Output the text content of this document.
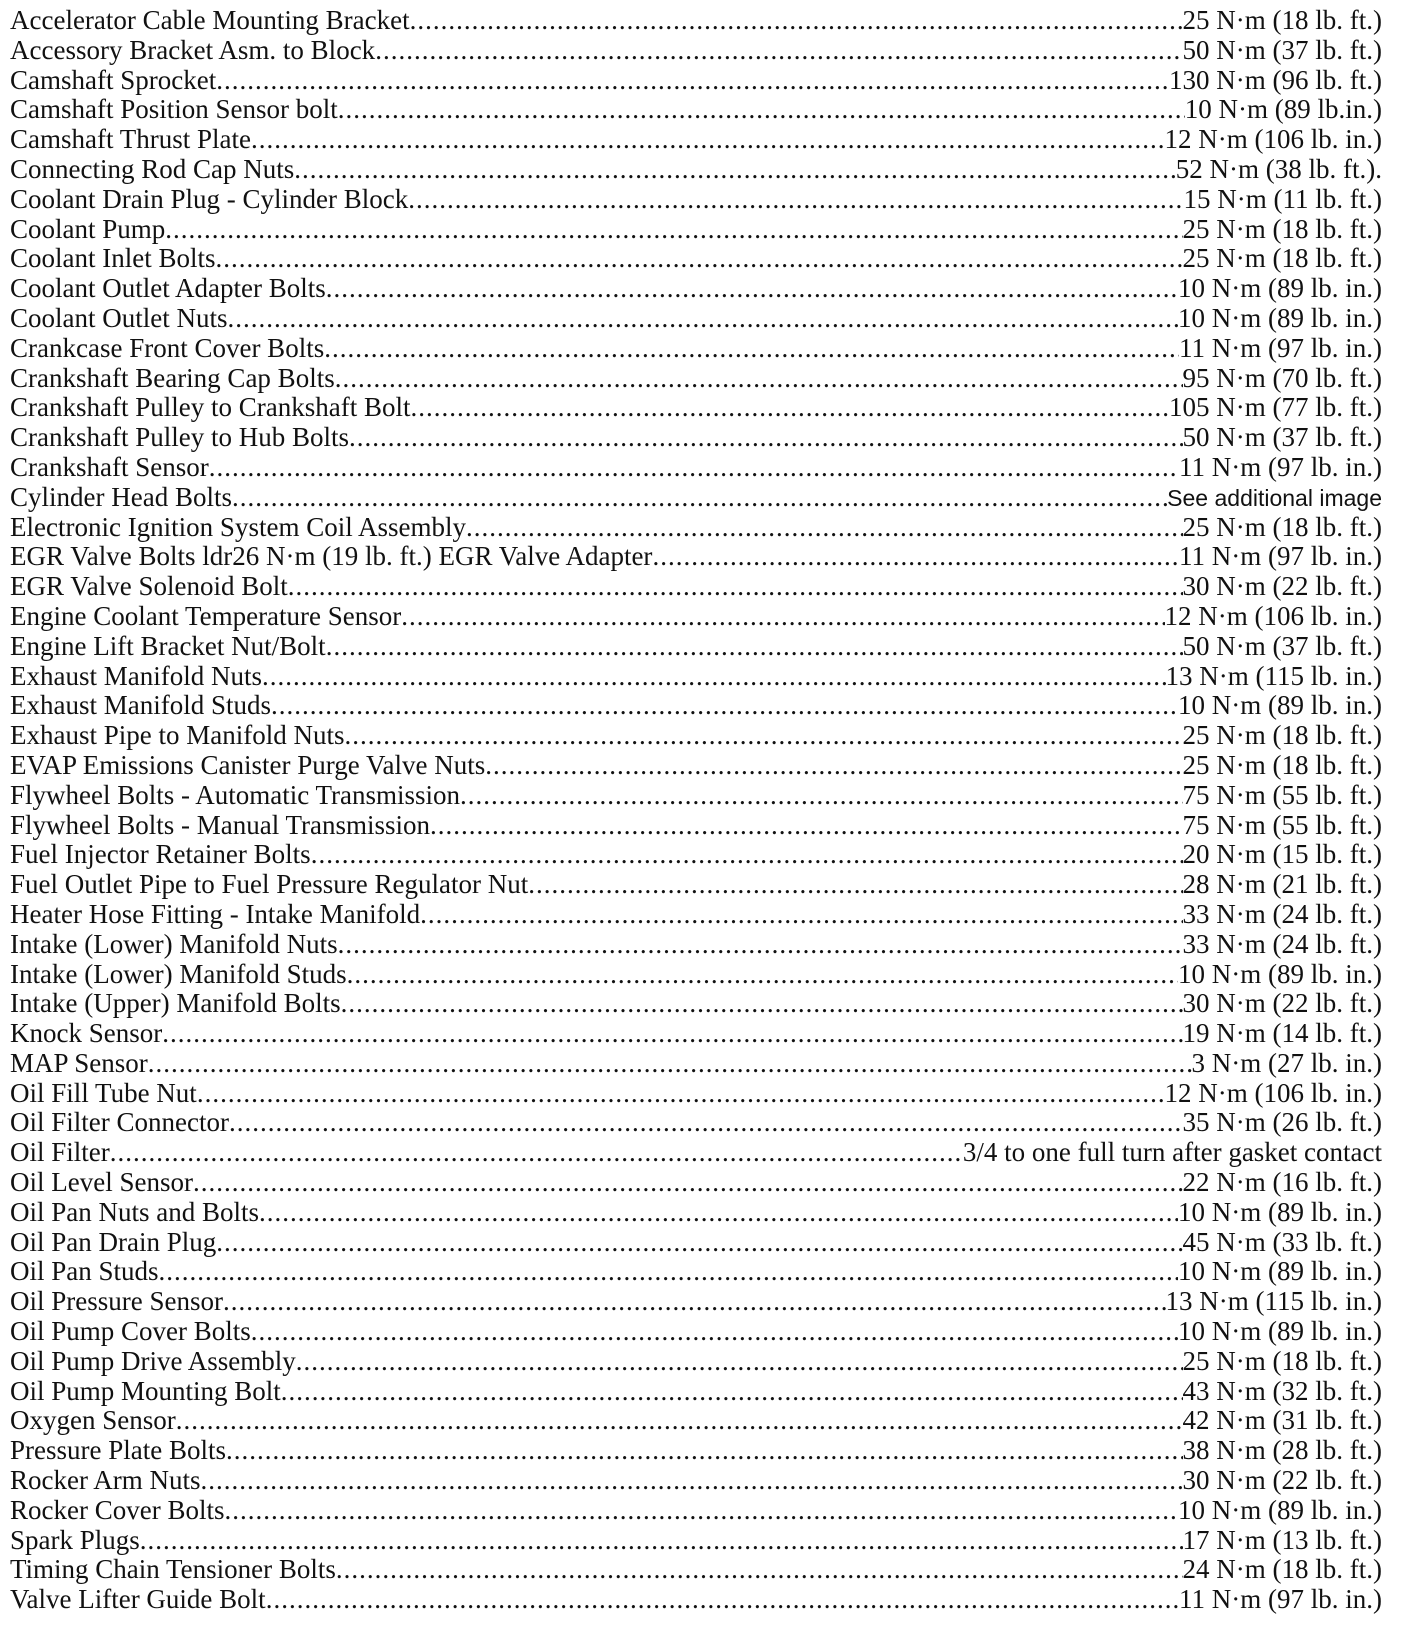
Accelerator Cable Mounting Bracket .....	25 N·m (18 lb. ft.)
Accessory Bracket Asm. to Block .....	50 N·m (37 lb. ft.)
Camshaft Sprocket .....	130 N·m (96 lb. ft.)
Camshaft Position Sensor bolt .....	10 N·m (89 lb.in.)
Camshaft Thrust Plate .....	12 N·m (106 lb. in.)
Connecting Rod Cap Nuts .....	52 N·m (38 lb. ft.).
Coolant Drain Plug - Cylinder Block .....	15 N·m (11 lb. ft.)
Coolant Pump .....	25 N·m (18 lb. ft.)
Coolant Inlet Bolts .....	25 N·m (18 lb. ft.)
Coolant Outlet Adapter Bolts .....	10 N·m (89 lb. in.)
Coolant Outlet Nuts .....	10 N·m (89 lb. in.)
Crankcase Front Cover Bolts .....	11 N·m (97 lb. in.)
Crankshaft Bearing Cap Bolts .....	95 N·m (70 lb. ft.)
Crankshaft Pulley to Crankshaft Bolt .....	105 N·m (77 lb. ft.)
Crankshaft Pulley to Hub Bolts .....	50 N·m (37 lb. ft.)
Crankshaft Sensor .....	11 N·m (97 lb. in.)
Cylinder Head Bolts .....	See additional image
Electronic Ignition System Coil Assembly .....	25 N·m (18 lb. ft.)
EGR Valve Bolts ldr26 N·m (19 lb. ft.) EGR Valve Adapter .....	11 N·m (97 lb. in.)
EGR Valve Solenoid Bolt .....	30 N·m (22 lb. ft.)
Engine Coolant Temperature Sensor .....	12 N·m (106 lb. in.)
Engine Lift Bracket Nut/Bolt .....	50 N·m (37 lb. ft.)
Exhaust Manifold Nuts .....	13 N·m (115 lb. in.)
Exhaust Manifold Studs .....	10 N·m (89 lb. in.)
Exhaust Pipe to Manifold Nuts .....	25 N·m (18 lb. ft.)
EVAP Emissions Canister Purge Valve Nuts .....	25 N·m (18 lb. ft.)
Flywheel Bolts - Automatic Transmission .....	75 N·m (55 lb. ft.)
Flywheel Bolts - Manual Transmission .....	75 N·m (55 lb. ft.)
Fuel Injector Retainer Bolts .....	20 N·m (15 lb. ft.)
Fuel Outlet Pipe to Fuel Pressure Regulator Nut .....	28 N·m (21 lb. ft.)
Heater Hose Fitting - Intake Manifold .....	33 N·m (24 lb. ft.)
Intake (Lower) Manifold Nuts .....	33 N·m (24 lb. ft.)
Intake (Lower) Manifold Studs .....	10 N·m (89 lb. in.)
Intake (Upper) Manifold Bolts .....	30 N·m (22 lb. ft.)
Knock Sensor .....	19 N·m (14 lb. ft.)
MAP Sensor .....	3 N·m (27 lb. in.)
Oil Fill Tube Nut .....	12 N·m (106 lb. in.)
Oil Filter Connector .....	35 N·m (26 lb. ft.)
Oil Filter .....	3/4 to one full turn after gasket contact
Oil Level Sensor .....	22 N·m (16 lb. ft.)
Oil Pan Nuts and Bolts .....	10 N·m (89 lb. in.)
Oil Pan Drain Plug .....	45 N·m (33 lb. ft.)
Oil Pan Studs .....	10 N·m (89 lb. in.)
Oil Pressure Sensor .....	13 N·m (115 lb. in.)
Oil Pump Cover Bolts .....	10 N·m (89 lb. in.)
Oil Pump Drive Assembly .....	25 N·m (18 lb. ft.)
Oil Pump Mounting Bolt .....	43 N·m (32 lb. ft.)
Oxygen Sensor .....	42 N·m (31 lb. ft.)
Pressure Plate Bolts .....	38 N·m (28 lb. ft.)
Rocker Arm Nuts .....	30 N·m (22 lb. ft.)
Rocker Cover Bolts .....	10 N·m (89 lb. in.)
Spark Plugs .....	17 N·m (13 lb. ft.)
Timing Chain Tensioner Bolts .....	24 N·m (18 lb. ft.)
Valve Lifter Guide Bolt .....	11 N·m (97 lb. in.)
